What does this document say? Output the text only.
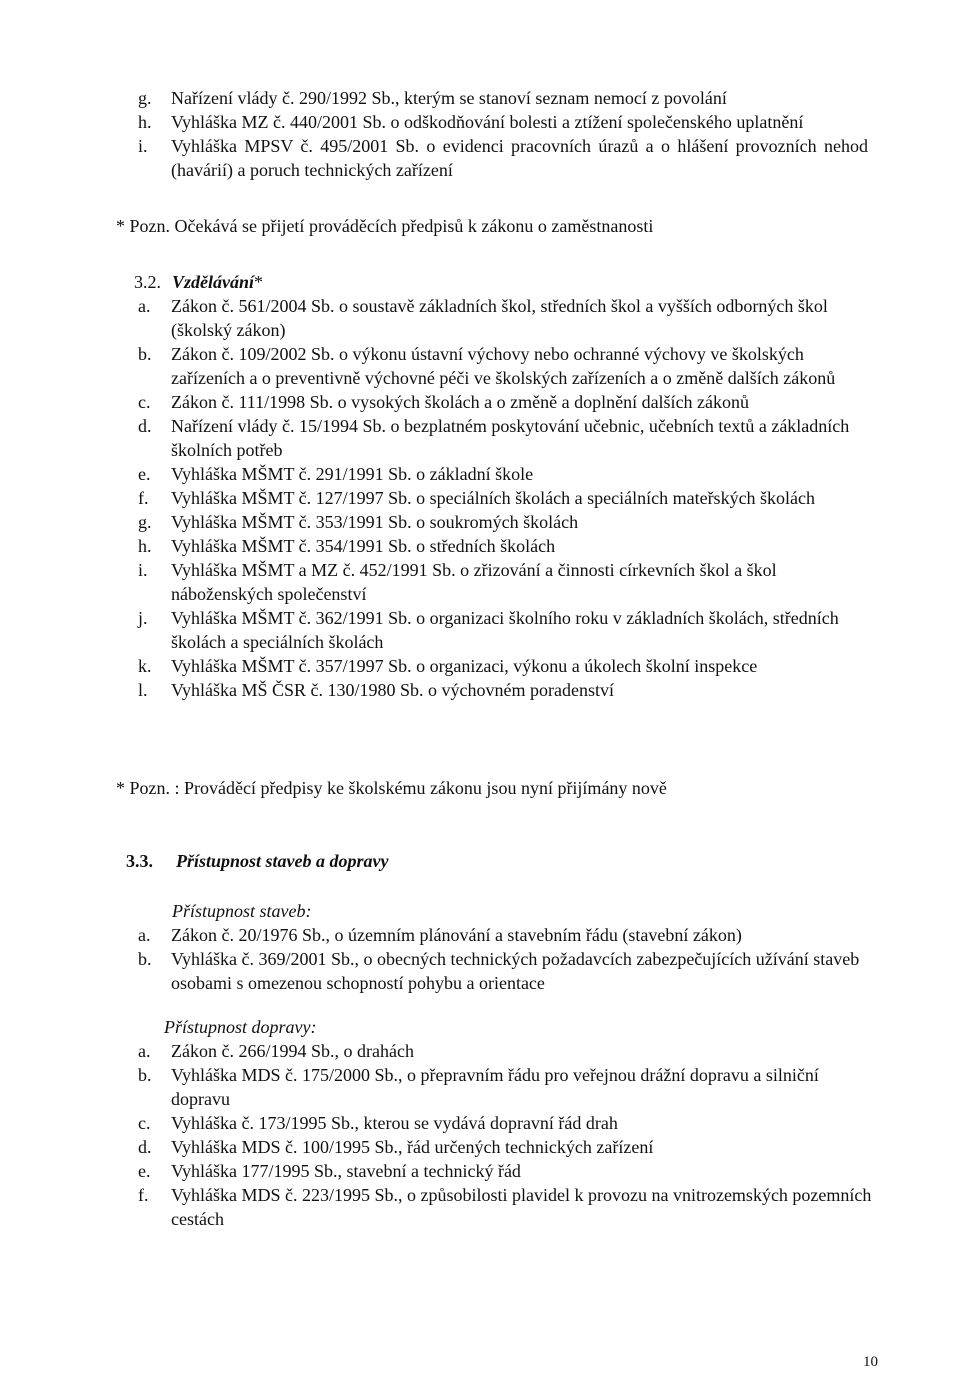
g.	Nařízení vlády č. 290/1992 Sb., kterým se stanoví seznam nemocí z povolání
h.	Vyhláška MZ č. 440/2001 Sb. o odškodňování bolesti a ztížení společenského uplatnění
i.	Vyhláška MPSV č. 495/2001 Sb. o evidenci pracovních úrazů a o hlášení provozních nehod (havárií) a poruch technických zařízení
* Pozn. Očekává se přijetí prováděcích předpisů k zákonu o zaměstnanosti
3.2. Vzdělávání*
a.	Zákon č. 561/2004 Sb. o soustavě základních škol, středních škol a vyšších odborných škol (školský zákon)
b.	Zákon č. 109/2002 Sb. o výkonu ústavní výchovy nebo ochranné výchovy ve školských zařízeních a o preventivně výchovné péči ve školských zařízeních a o změně dalších zákonů
c.	Zákon č. 111/1998 Sb. o vysokých školách a o změně a doplnění dalších zákonů
d.	Nařízení vlády č. 15/1994 Sb. o bezplatném poskytování učebnic, učebních textů a základních školních potřeb
e.	Vyhláška MŠMT č. 291/1991 Sb. o základní škole
f.	Vyhláška MŠMT č. 127/1997 Sb. o speciálních školách a speciálních mateřských školách
g.	Vyhláška MŠMT č. 353/1991 Sb. o soukromých školách
h.	Vyhláška MŠMT č. 354/1991 Sb. o středních školách
i.	Vyhláška MŠMT a MZ č. 452/1991 Sb. o zřizování a činnosti církevních škol a škol náboženských společenství
j.	Vyhláška MŠMT č. 362/1991 Sb. o organizaci školního roku v základních školách, středních školách a speciálních školách
k.	Vyhláška MŠMT č. 357/1997 Sb. o organizaci, výkonu a úkolech školní inspekce
l.	Vyhláška MŠ ČSR č. 130/1980 Sb. o výchovném poradenství
* Pozn. : Prováděcí předpisy ke školskému zákonu jsou nyní přijímány nově
3.3. Přístupnost staveb a dopravy
Přístupnost staveb:
a.	Zákon č. 20/1976 Sb., o územním plánování a stavebním řádu (stavební zákon)
b.	Vyhláška č. 369/2001 Sb., o obecných technických požadavcích zabezpečujících užívání staveb osobami s omezenou schopností pohybu a orientace
Přístupnost dopravy:
a.	Zákon č. 266/1994 Sb., o drahách
b.	Vyhláška MDS č. 175/2000 Sb., o přepravním řádu pro veřejnou drážní dopravu a silniční dopravu
c.	Vyhláška č. 173/1995 Sb., kterou se vydává dopravní řád drah
d.	Vyhláška MDS č. 100/1995 Sb., řád určených technických zařízení
e.	Vyhláška 177/1995 Sb., stavební a technický řád
f.	Vyhláška MDS č. 223/1995 Sb., o způsobilosti plavidel k provozu na vnitrozemských pozemních cestách
10
